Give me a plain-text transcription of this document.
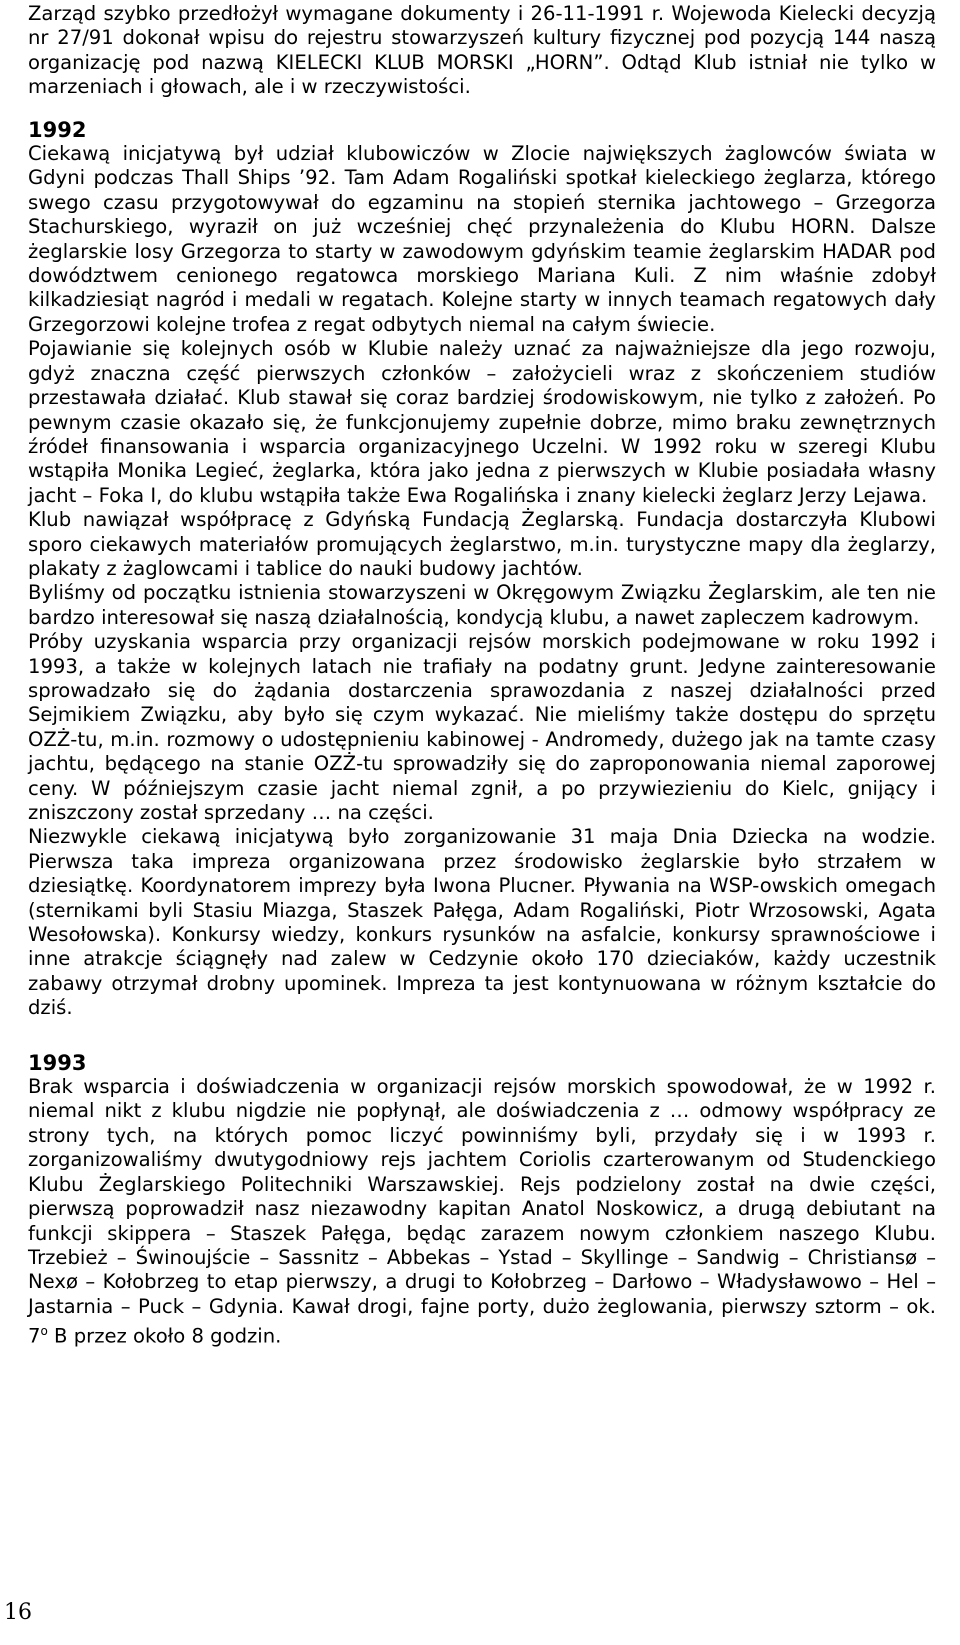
Zarząd szybko przedłożył wymagane dokumenty i 26-11-1991 r. Wojewoda Kielecki decyzją nr 27/91 dokonał wpisu do rejestru stowarzyszeń kultury fizycznej pod pozycją 144 naszą organizację pod nazwą KIELECKI KLUB MORSKI „HORN”. Odtąd Klub istniał nie tylko w marzeniach i głowach, ale i w rzeczywistości.

1992

Ciekawą inicjatywą był udział klubowiczów w Zlocie największych żaglowców świata w Gdyni podczas Thall Ships ’92. Tam Adam Rogaliński spotkał kieleckiego żeglarza, którego swego czasu przygotowywał do egzaminu na stopień sternika jachtowego – Grzegorza Stachurskiego, wyraził on już wcześniej chęć przynależenia do Klubu HORN. Dalsze żeglarskie losy Grzegorza to starty w zawodowym gdyńskim teamie żeglarskim HADAR pod dowództwem cenionego regatowca morskiego Mariana Kuli. Z nim właśnie zdobył kilkadziesiąt nagród i medali w regatach. Kolejne starty w innych teamach regatowych dały Grzegorzowi kolejne trofea z regat odbytych niemal na całym świecie.

Pojawianie się kolejnych osób w Klubie należy uznać za najważniejsze dla jego rozwoju, gdyż znaczna część pierwszych członków – założycieli wraz z skończeniem studiów przestawała działać. Klub stawał się coraz bardziej środowiskowym, nie tylko z założeń. Po pewnym czasie okazało się, że funkcjonujemy zupełnie dobrze, mimo braku zewnętrznych źródeł finansowania i wsparcia organizacyjnego Uczelni. W 1992 roku w szeregi Klubu wstąpiła Monika Legieć, żeglarka, która jako jedna z pierwszych w Klubie posiadała własny jacht – Foka I, do klubu wstąpiła także Ewa Rogalińska i znany kielecki żeglarz Jerzy Lejawa.

Klub nawiązał współpracę z Gdyńską Fundacją Żeglarską. Fundacja dostarczyła Klubowi sporo ciekawych materiałów promujących żeglarstwo, m.in. turystyczne mapy dla żeglarzy, plakaty z żaglowcami i tablice do nauki budowy jachtów.

Byliśmy od początku istnienia stowarzyszeni w Okręgowym Związku Żeglarskim, ale ten nie bardzo interesował się naszą działalnością, kondycją klubu, a nawet zapleczem kadrowym.

Próby uzyskania wsparcia przy organizacji rejsów morskich podejmowane w roku 1992 i 1993, a także w kolejnych latach nie trafiały na podatny grunt. Jedyne zainteresowanie sprowadzało się do żądania dostarczenia sprawozdania z naszej działalności przed Sejmikiem Związku, aby było się czym wykazać. Nie mieliśmy także dostępu do sprzętu OZŻ-tu, m.in. rozmowy o udostępnieniu kabinowej - Andromedy, dużego jak na tamte czasy jachtu, będącego na stanie OZŻ-tu sprowadziły się do zaproponowania niemal zaporowej ceny. W późniejszym czasie jacht niemal zgnił, a po przywiezieniu do Kielc, gnijący i zniszczony został sprzedany … na części.

Niezwykle ciekawą inicjatywą było zorganizowanie 31 maja Dnia Dziecka na wodzie. Pierwsza taka impreza organizowana przez środowisko żeglarskie było strzałem w dziesiątkę. Koordynatorem imprezy była Iwona Plucner. Pływania na WSP-owskich omegach (sternikami byli Stasiu Miazga, Staszek Pałęga, Adam Rogaliński, Piotr Wrzosowski, Agata Wesołowska). Konkursy wiedzy, konkurs rysunków na asfalcie, konkursy sprawnościowe i inne atrakcje ściągnęły nad zalew w Cedzynie około 170 dzieciaków, każdy uczestnik zabawy otrzymał drobny upominek. Impreza ta jest kontynuowana w różnym kształcie do dziś.

1993

Brak wsparcia i doświadczenia w organizacji rejsów morskich spowodował, że w 1992 r. niemal nikt z klubu nigdzie nie popłynął, ale doświadczenia z … odmowy współpracy ze strony tych, na których pomoc liczyć powinniśmy byli, przydały się i w 1993 r. zorganizowaliśmy dwutygodniowy rejs jachtem Coriolis czarterowanym od Studenckiego Klubu Żeglarskiego Politechniki Warszawskiej. Rejs podzielony został na dwie części, pierwszą poprowadził nasz niezawodny kapitan Anatol Noskowicz, a drugą debiutant na funkcji skippera – Staszek Pałęga, będąc zarazem nowym członkiem naszego Klubu. Trzebież – Świnoujście – Sassnitz – Abbekas – Ystad – Skyllinge – Sandwig – Christiansø – Nexø – Kołobrzeg to etap pierwszy, a drugi to Kołobrzeg – Darłowo – Władysławowo – Hel – Jastarnia – Puck – Gdynia. Kawał drogi, fajne porty, dużo żeglowania, pierwszy sztorm – ok. 7$^o$ B przez około 8 godzin.

16
